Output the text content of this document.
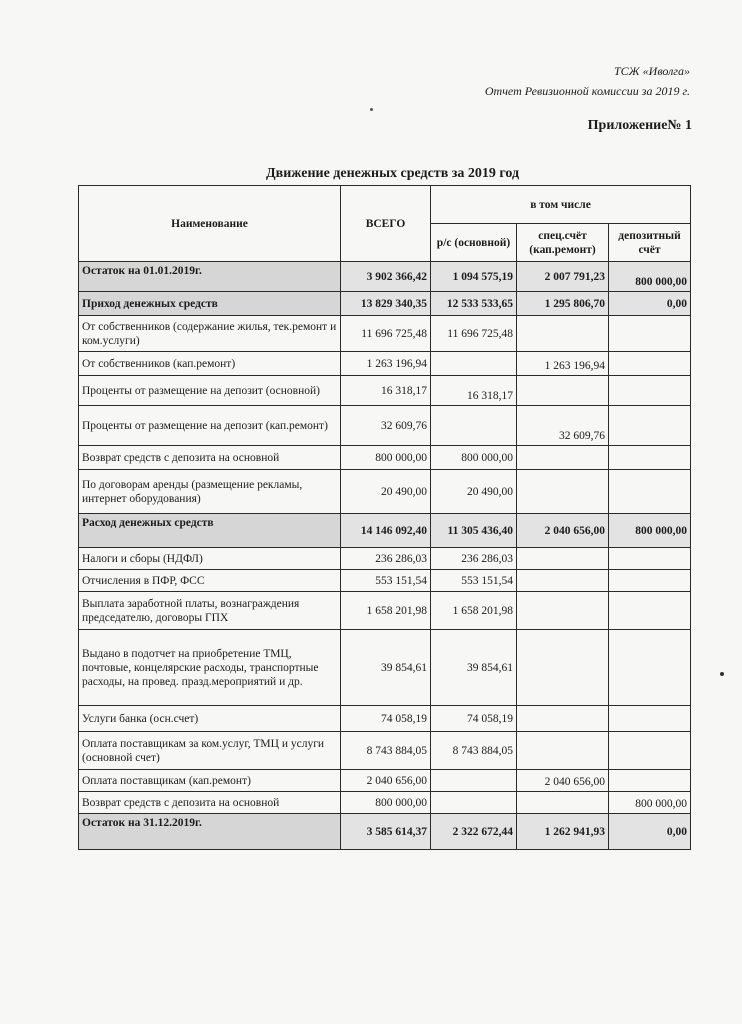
ТСЖ «Иволга»
Отчет Ревизионной комиссии за 2019 г.
Приложение№ 1
Движение денежных средств за 2019 год
Наименование	ВСЕГО	в том числе		
		р/с (основной)	спец.счёт (кап.ремонт)	депозитный счёт
Остаток на 01.01.2019г.	3 902 366,42	1 094 575,19	2 007 791,23	800 000,00
Приход денежных средств	13 829 340,35	12 533 533,65	1 295 806,70	0,00
От собственников (содержание жилья, тек.ремонт и ком.услуги)	11 696 725,48	11 696 725,48		
От собственников (кап.ремонт)	1 263 196,94		1 263 196,94	
Проценты от размещение на депозит (основной)	16 318,17	16 318,17		
Проценты от размещение на депозит (кап.ремонт)	32 609,76		32 609,76	
Возврат средств с депозита на основной	800 000,00	800 000,00		
По договорам аренды (размещение рекламы, интернет оборудования)	20 490,00	20 490,00		
Расход денежных средств	14 146 092,40	11 305 436,40	2 040 656,00	800 000,00
Налоги и сборы (НДФЛ)	236 286,03	236 286,03		
Отчисления в ПФР, ФСС	553 151,54	553 151,54		
Выплата заработной платы, вознаграждения председателю, договоры ГПХ	1 658 201,98	1 658 201,98		
Выдано в подотчет на приобретение ТМЦ, почтовые, концелярские расходы, транспортные расходы, на провед. празд.мероприятий и др.	39 854,61	39 854,61		
Услуги банка (осн.счет)	74 058,19	74 058,19		
Оплата поставщикам за ком.услуг, ТМЦ и услуги (основной счет)	8 743 884,05	8 743 884,05		
Оплата поставщикам (кап.ремонт)	2 040 656,00		2 040 656,00	
Возврат средств с депозита на основной	800 000,00			800 000,00
Остаток на 31.12.2019г.	3 585 614,37	2 322 672,44	1 262 941,93	0,00
